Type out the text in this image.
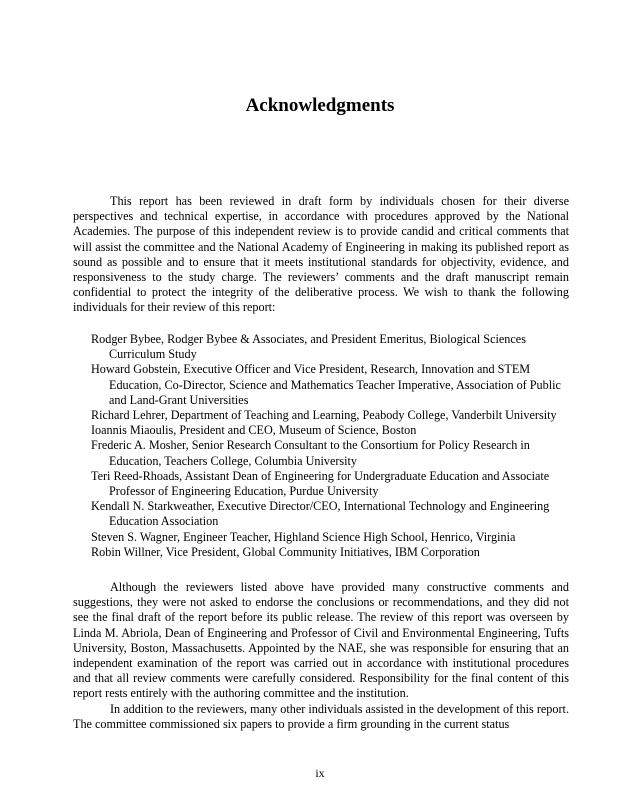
Acknowledgments

This report has been reviewed in draft form by individuals chosen for their diverse perspectives and technical expertise, in accordance with procedures approved by the National Academies. The purpose of this independent review is to provide candid and critical comments that will assist the committee and the National Academy of Engineering in making its published report as sound as possible and to ensure that it meets institutional standards for objectivity, evidence, and responsiveness to the study charge. The reviewers’ comments and the draft manuscript remain confidential to protect the integrity of the deliberative process. We wish to thank the following individuals for their review of this report:

Rodger Bybee, Rodger Bybee & Associates, and President Emeritus, Biological Sciences Curriculum Study
Howard Gobstein, Executive Officer and Vice President, Research, Innovation and STEM Education, Co-Director, Science and Mathematics Teacher Imperative, Association of Public and Land-Grant Universities
Richard Lehrer, Department of Teaching and Learning, Peabody College, Vanderbilt University
Ioannis Miaoulis, President and CEO, Museum of Science, Boston
Frederic A. Mosher, Senior Research Consultant to the Consortium for Policy Research in Education, Teachers College, Columbia University
Teri Reed-Rhoads, Assistant Dean of Engineering for Undergraduate Education and Associate Professor of Engineering Education, Purdue University
Kendall N. Starkweather, Executive Director/CEO, International Technology and Engineering Education Association
Steven S. Wagner, Engineer Teacher, Highland Science High School, Henrico, Virginia
Robin Willner, Vice President, Global Community Initiatives, IBM Corporation

Although the reviewers listed above have provided many constructive comments and suggestions, they were not asked to endorse the conclusions or recommendations, and they did not see the final draft of the report before its public release. The review of this report was overseen by Linda M. Abriola, Dean of Engineering and Professor of Civil and Environmental Engineering, Tufts University, Boston, Massachusetts. Appointed by the NAE, she was responsible for ensuring that an independent examination of the report was carried out in accordance with institutional procedures and that all review comments were carefully considered. Responsibility for the final content of this report rests entirely with the authoring committee and the institution.

In addition to the reviewers, many other individuals assisted in the development of this report. The committee commissioned six papers to provide a firm grounding in the current status

ix
